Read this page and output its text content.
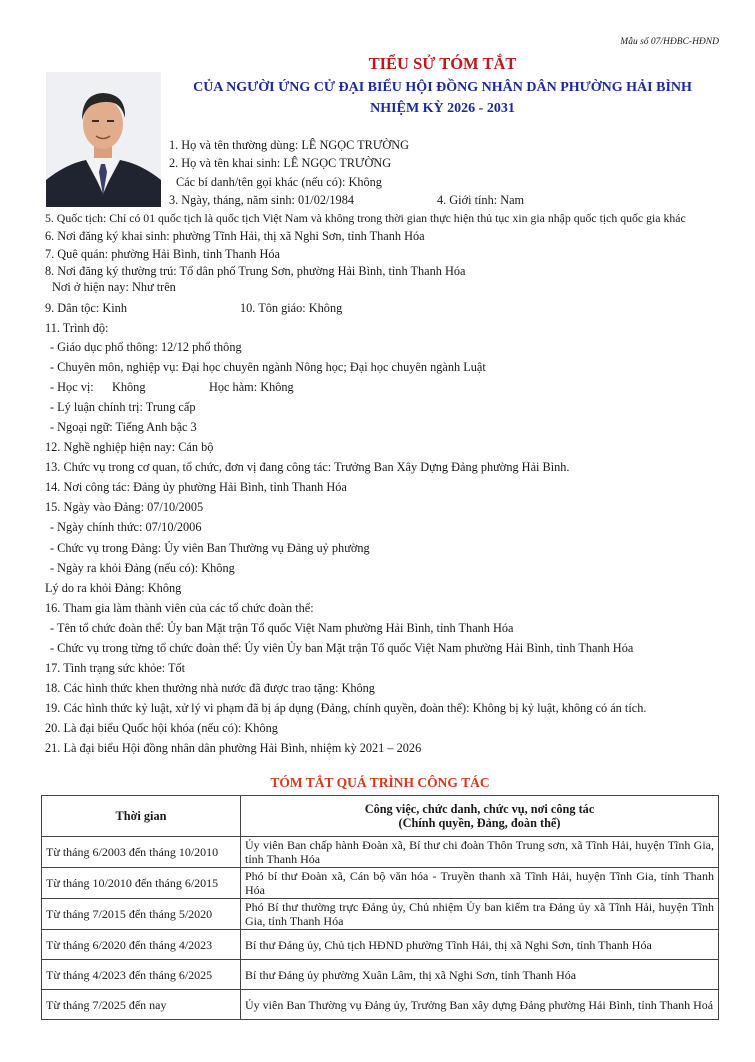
Mẫu số 07/HĐBC-HĐND
TIỂU SỬ TÓM TẮT
CỦA NGƯỜI ỨNG CỬ ĐẠI BIỂU HỘI ĐỒNG NHÂN DÂN PHƯỜNG HẢI BÌNH
NHIỆM KỲ 2026 - 2031
1. Họ và tên thường dùng: LÊ NGỌC TRƯỜNG
2. Họ và tên khai sinh: LÊ NGỌC TRƯỜNG
Các bí danh/tên gọi khác (nếu có): Không
3. Ngày, tháng, năm sinh: 01/02/1984	4. Giới tính: Nam
5. Quốc tịch: Chỉ có 01 quốc tịch là quốc tịch Việt Nam và không trong thời gian thực hiện thủ tục xin gia nhập quốc tịch quốc gia khác
6. Nơi đăng ký khai sinh: phường Tĩnh Hải, thị xã Nghi Sơn, tỉnh Thanh Hóa
7. Quê quán: phường Hải Bình, tỉnh Thanh Hóa
8. Nơi đăng ký thường trú: Tổ dân phố Trung Sơn, phường Hải Bình, tỉnh Thanh Hóa
Nơi ở hiện nay: Như trên
9. Dân tộc: Kinh	10. Tôn giáo: Không
11. Trình độ:
- Giáo dục phổ thông: 12/12 phổ thông
- Chuyên môn, nghiệp vụ: Đại học chuyên ngành Nông học; Đại học chuyên ngành Luật
- Học vị: Không	Học hàm: Không
- Lý luận chính trị: Trung cấp
- Ngoại ngữ: Tiếng Anh bậc 3
12. Nghề nghiệp hiện nay: Cán bộ
13. Chức vụ trong cơ quan, tổ chức, đơn vị đang công tác: Trưởng Ban Xây Dựng Đảng phường Hải Bình.
14. Nơi công tác: Đảng ủy phường Hải Bình, tỉnh Thanh Hóa
15. Ngày vào Đảng: 07/10/2005
- Ngày chính thức: 07/10/2006
- Chức vụ trong Đảng: Ủy viên Ban Thường vụ Đảng uỷ phường
- Ngày ra khỏi Đảng (nếu có): Không
Lý do ra khỏi Đảng: Không
16. Tham gia làm thành viên của các tổ chức đoàn thể:
- Tên tổ chức đoàn thể: Ủy ban Mặt trận Tổ quốc Việt Nam phường Hải Bình, tỉnh Thanh Hóa
- Chức vụ trong từng tổ chức đoàn thể: Ủy viên Ủy ban Mặt trận Tổ quốc Việt Nam phường Hải Bình, tỉnh Thanh Hóa
17. Tình trạng sức khỏe: Tốt
18. Các hình thức khen thưởng nhà nước đã được trao tặng: Không
19. Các hình thức kỷ luật, xử lý vi phạm đã bị áp dụng (Đảng, chính quyền, đoàn thể): Không bị kỷ luật, không có án tích.
20. Là đại biểu Quốc hội khóa (nếu có): Không
21. Là đại biểu Hội đồng nhân dân phường Hải Bình, nhiệm kỳ 2021 – 2026
TÓM TẮT QUÁ TRÌNH CÔNG TÁC
Thời gian	Công việc, chức danh, chức vụ, nơi công tác
(Chính quyền, Đảng, đoàn thể)

Từ tháng 6/2003 đến tháng 10/2010	Ủy viên Ban chấp hành Đoàn xã, Bí thư chi đoàn Thôn Trung sơn, xã Tĩnh Hải, huyện Tĩnh Gia, tỉnh Thanh Hóa
Từ tháng 10/2010 đến tháng 6/2015	Phó bí thư Đoàn xã, Cán bộ văn hóa - Truyền thanh xã Tĩnh Hải, huyện Tĩnh Gia, tỉnh Thanh Hóa
Từ tháng 7/2015 đến tháng 5/2020	Phó Bí thư thường trực Đảng ủy, Chủ nhiệm Ủy ban kiểm tra Đảng ủy xã Tĩnh Hải, huyện Tĩnh Gia, tỉnh Thanh Hóa
Từ tháng 6/2020 đến tháng 4/2023	Bí thư Đảng ủy, Chủ tịch HĐND phường Tĩnh Hải, thị xã Nghi Sơn, tỉnh Thanh Hóa
Từ tháng 4/2023 đến tháng 6/2025	Bí thư Đảng ủy phường Xuân Lâm, thị xã Nghi Sơn, tỉnh Thanh Hóa
Từ tháng 7/2025 đến nay	Ủy viên Ban Thường vụ Đảng ủy, Trưởng Ban xây dựng Đảng phường Hải Bình, tỉnh Thanh Hoá
